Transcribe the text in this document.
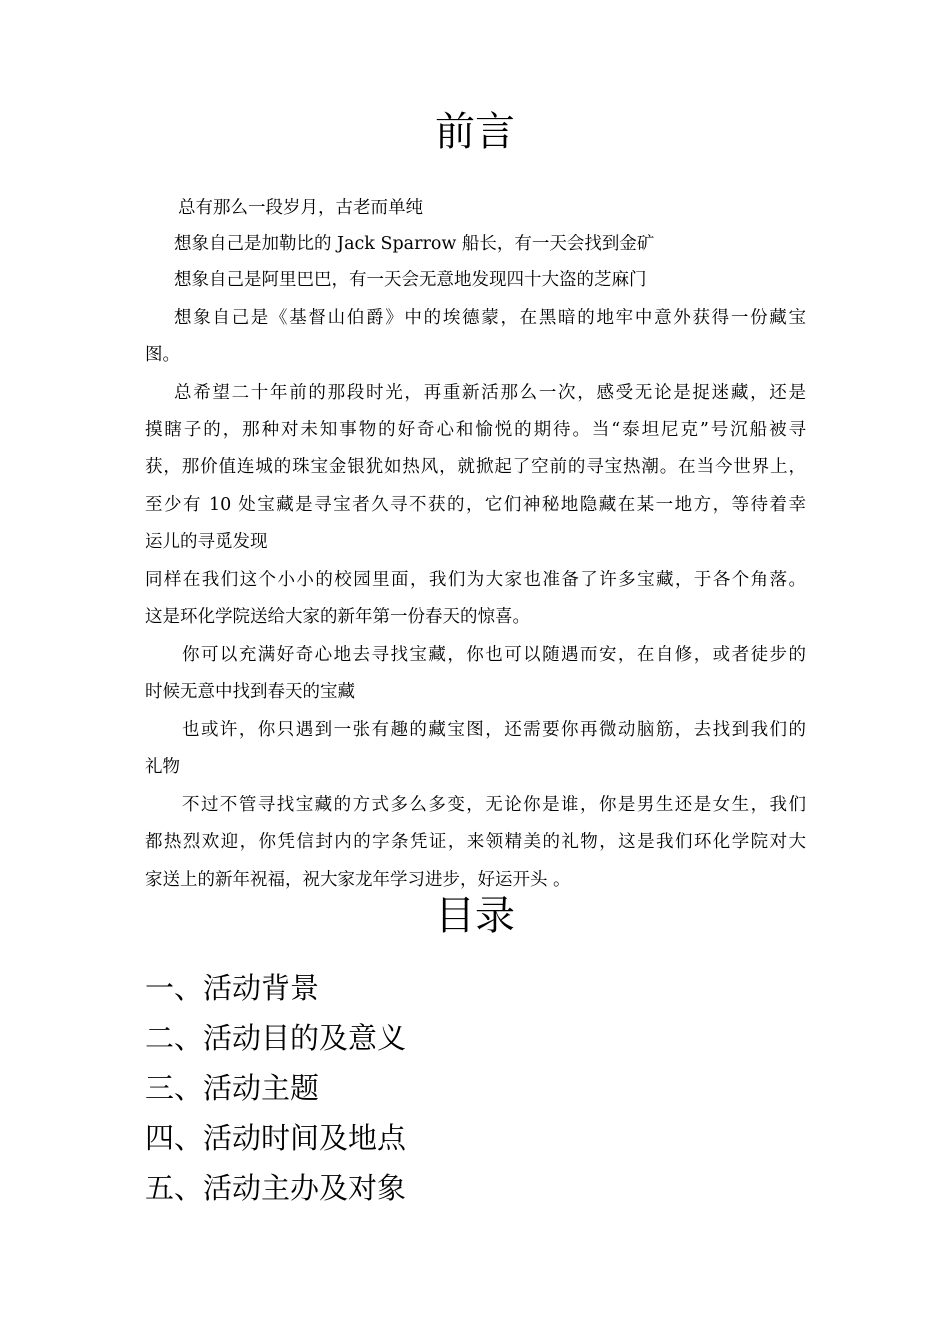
前言
总有那么一段岁月，古老而单纯
想象自己是加勒比的 Jack Sparrow 船长，有一天会找到金矿
想象自己是阿里巴巴，有一天会无意地发现四十大盗的芝麻门
想象自己是《基督山伯爵》中的埃德蒙，在黑暗的地牢中意外获得一份藏宝
图。
总希望二十年前的那段时光，再重新活那么一次，感受无论是捉迷藏，还是
摸瞎子的，那种对未知事物的好奇心和愉悦的期待。当“泰坦尼克”号沉船被寻
获，那价值连城的珠宝金银犹如热风，就掀起了空前的寻宝热潮。在当今世界上，
至少有 10 处宝藏是寻宝者久寻不获的，它们神秘地隐藏在某一地方，等待着幸
运儿的寻觅发现
同样在我们这个小小的校园里面，我们为大家也准备了许多宝藏，于各个角落。
这是环化学院送给大家的新年第一份春天的惊喜。
你可以充满好奇心地去寻找宝藏，你也可以随遇而安，在自修，或者徒步的
时候无意中找到春天的宝藏
也或许，你只遇到一张有趣的藏宝图，还需要你再微动脑筋，去找到我们的
礼物
不过不管寻找宝藏的方式多么多变，无论你是谁，你是男生还是女生，我们
都热烈欢迎，你凭信封内的字条凭证，来领精美的礼物，这是我们环化学院对大
家送上的新年祝福，祝大家龙年学习进步，好运开头 。
目录
一、活动背景
二、活动目的及意义
三、活动主题
四、活动时间及地点
五、活动主办及对象
